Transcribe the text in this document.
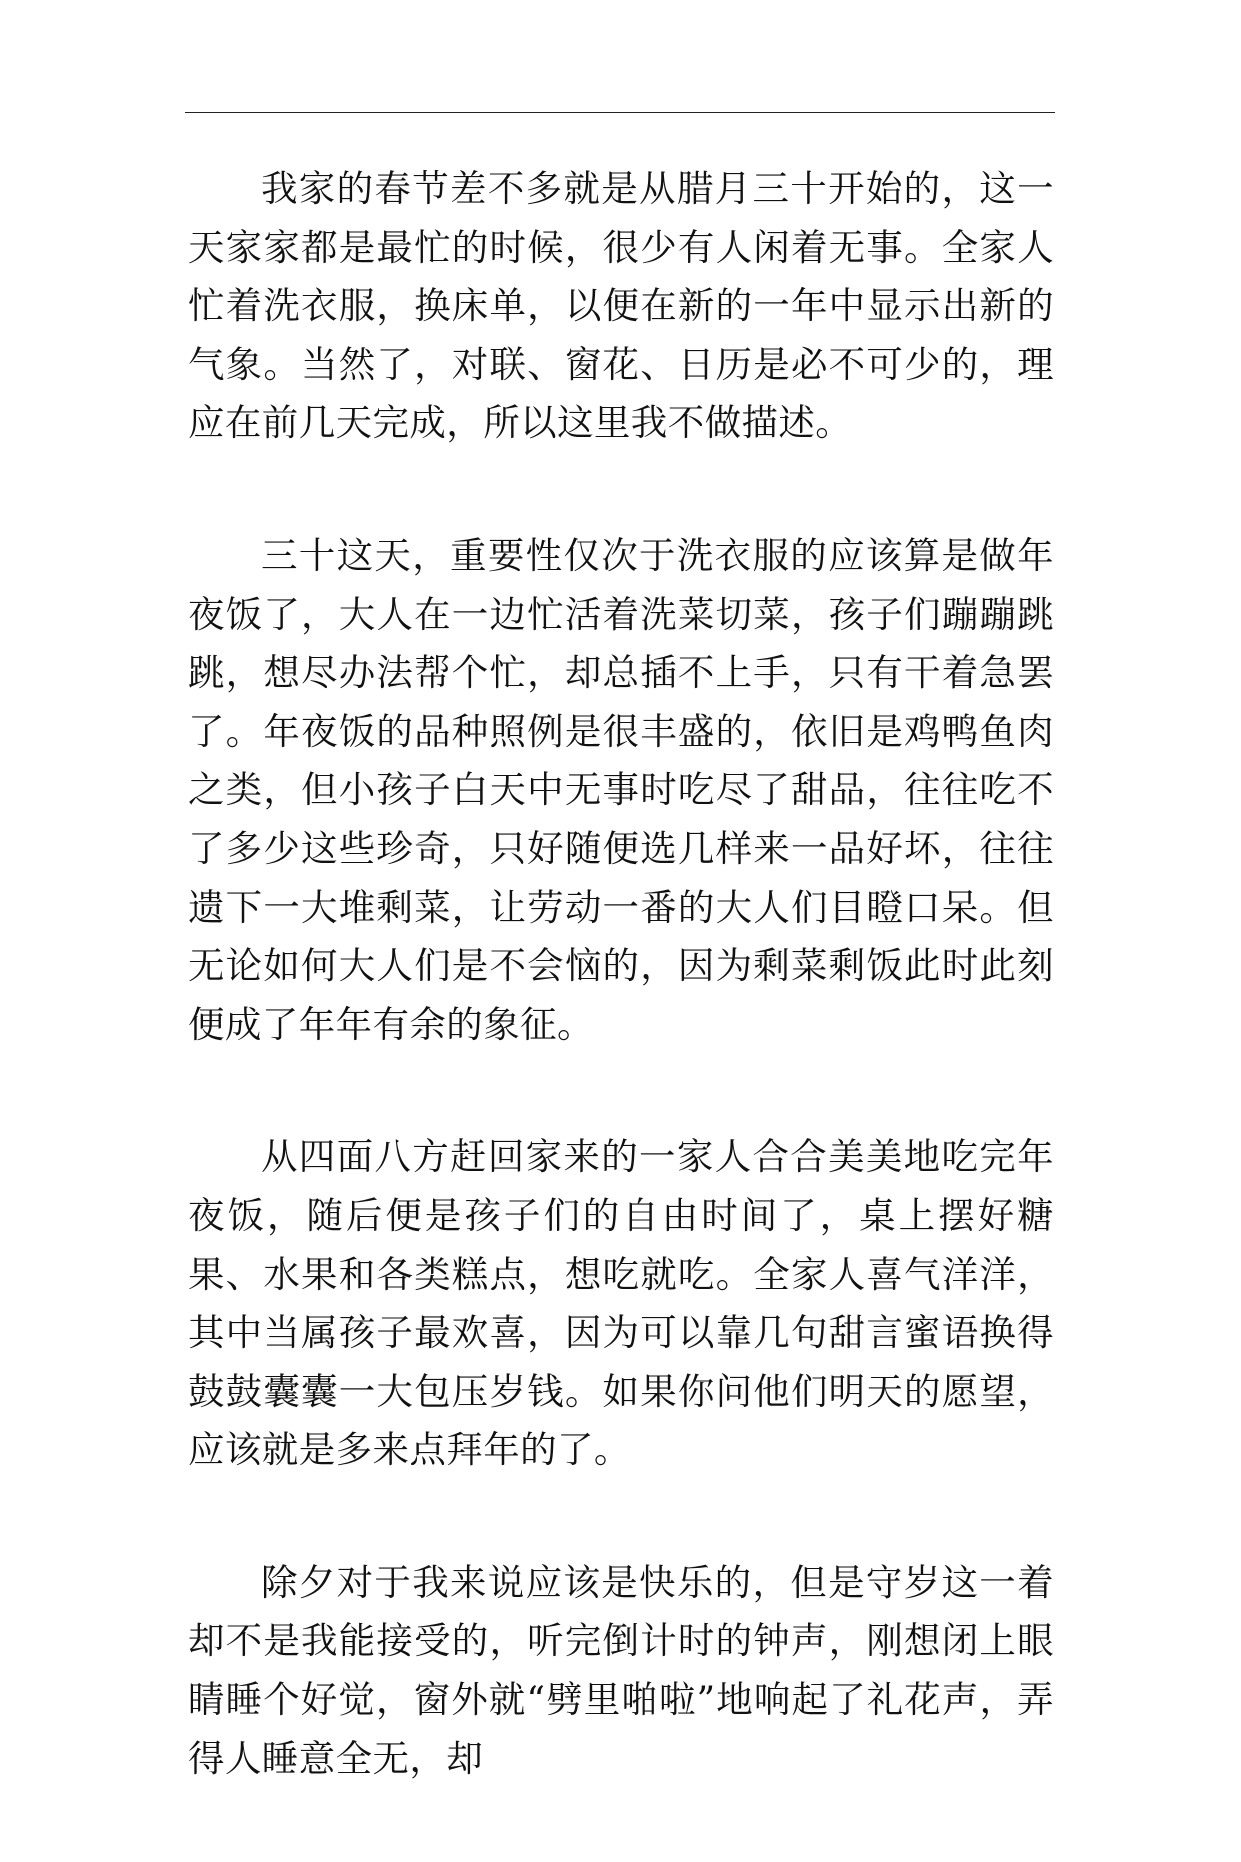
我家的春节差不多就是从腊月三十开始的，这一天家家都是最忙的时候，很少有人闲着无事。全家人忙着洗衣服，换床单，以便在新的一年中显示出新的气象。当然了，对联、窗花、日历是必不可少的，理应在前几天完成，所以这里我不做描述。

三十这天，重要性仅次于洗衣服的应该算是做年夜饭了，大人在一边忙活着洗菜切菜，孩子们蹦蹦跳跳，想尽办法帮个忙，却总插不上手，只有干着急罢了。年夜饭的品种照例是很丰盛的，依旧是鸡鸭鱼肉之类，但小孩子白天中无事时吃尽了甜品，往往吃不了多少这些珍奇，只好随便选几样来一品好坏，往往遗下一大堆剩菜，让劳动一番的大人们目瞪口呆。但无论如何大人们是不会恼的，因为剩菜剩饭此时此刻便成了年年有余的象征。

从四面八方赶回家来的一家人合合美美地吃完年夜饭，随后便是孩子们的自由时间了，桌上摆好糖果、水果和各类糕点，想吃就吃。全家人喜气洋洋，其中当属孩子最欢喜，因为可以靠几句甜言蜜语换得鼓鼓囊囊一大包压岁钱。如果你问他们明天的愿望，应该就是多来点拜年的了。

除夕对于我来说应该是快乐的，但是守岁这一着却不是我能接受的，听完倒计时的钟声，刚想闭上眼睛睡个好觉，窗外就“劈里啪啦”地响起了礼花声，弄得人睡意全无，却
